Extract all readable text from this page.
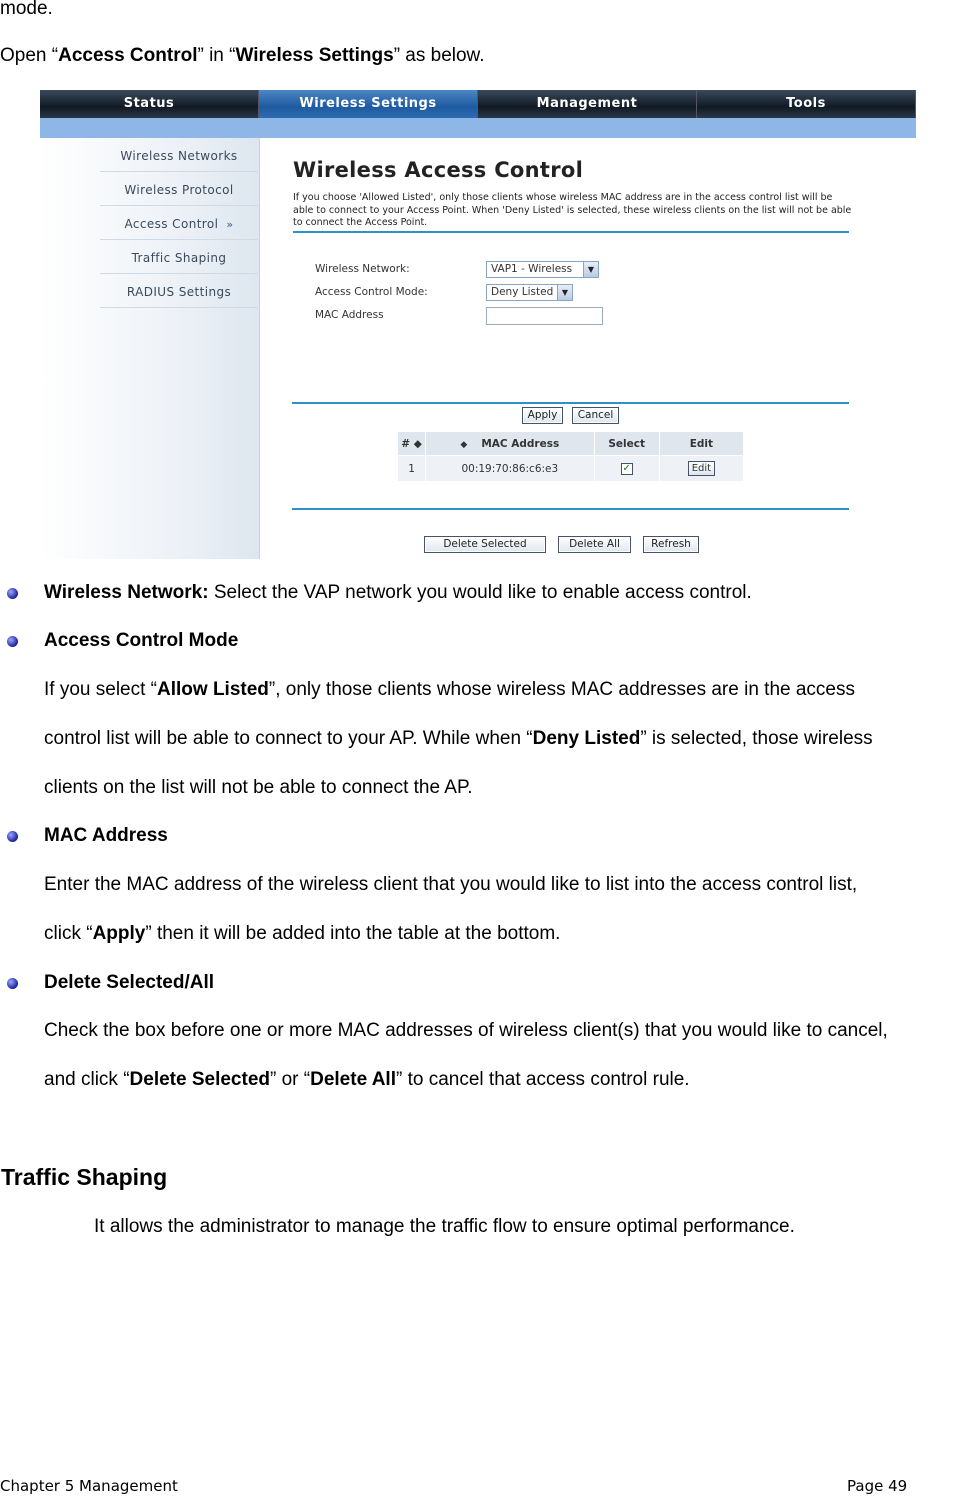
mode.
Open “Access Control” in “Wireless Settings” as below.
Status	Wireless Settings	Management	Tools
Wireless Networks
Wireless Protocol
Access Control »
Traffic Shaping
RADIUS Settings
Wireless Access Control
If you choose 'Allowed Listed', only those clients whose wireless MAC address are in the access control list will be able to connect to your Access Point. When 'Deny Listed' is selected, these wireless clients on the list will not be able to connect the Access Point.
Wireless Network:	VAP1 - Wireless	▼
Access Control Mode:	Deny Listed	▼
MAC Address
Apply	Cancel
# ◆	◆ MAC Address	Select	Edit
1	00:19:70:86:c6:e3	✓	Edit
Delete Selected	Delete All	Refresh
Wireless Network: Select the VAP network you would like to enable access control.
Access Control Mode
If you select “Allow Listed”, only those clients whose wireless MAC addresses are in the access
control list will be able to connect to your AP. While when “Deny Listed” is selected, those wireless
clients on the list will not be able to connect the AP.
MAC Address
Enter the MAC address of the wireless client that you would like to list into the access control list,
click “Apply” then it will be added into the table at the bottom.
Delete Selected/All
Check the box before one or more MAC addresses of wireless client(s) that you would like to cancel,
and click “Delete Selected” or “Delete All” to cancel that access control rule.
Traffic Shaping
It allows the administrator to manage the traffic flow to ensure optimal performance.
Chapter 5 Management	Page 49
